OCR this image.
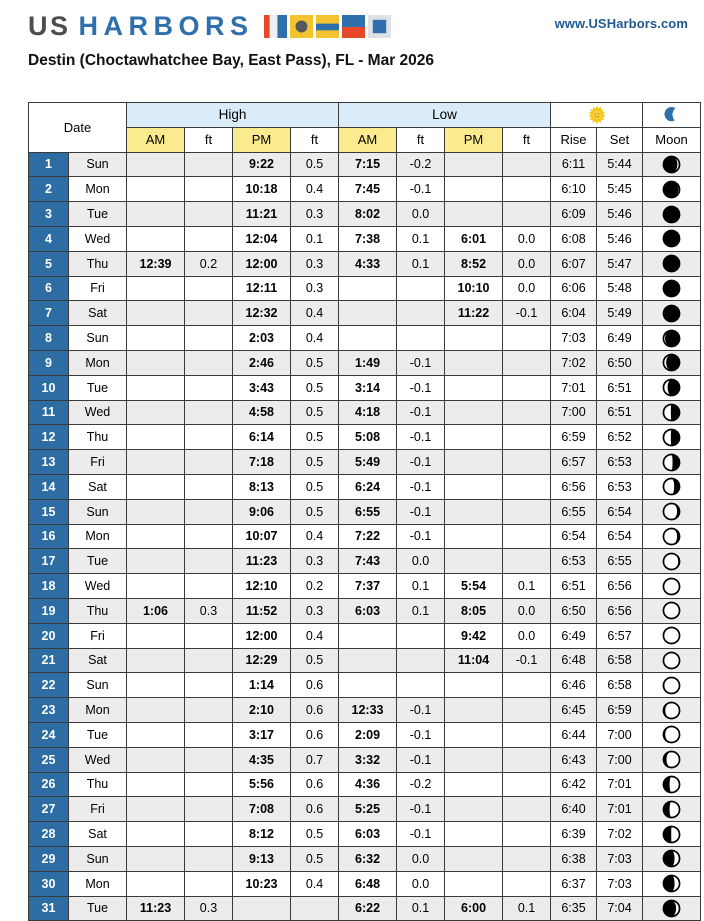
US HARBORS	www.USHarbors.com
Destin (Choctawhatchee Bay, East Pass), FL - Mar 2026
Date		High				Low		
		AM	ft	PM	ft	AM	ft	PM	ft	Rise	Set	Moon
1	Sun			9:22	0.5	7:15	-0.2			6:11	5:44	

2	Mon			10:18	0.4	7:45	-0.1			6:10	5:45	

3	Tue			11:21	0.3	8:02	0.0			6:09	5:46	

4	Wed			12:04	0.1	7:38	0.1	6:01	0.0	6:08	5:46	

5	Thu	12:39	0.2	12:00	0.3	4:33	0.1	8:52	0.0	6:07	5:47	

6	Fri			12:11	0.3			10:10	0.0	6:06	5:48	

7	Sat			12:32	0.4			11:22	-0.1	6:04	5:49	

8	Sun			2:03	0.4					7:03	6:49	

9	Mon			2:46	0.5	1:49	-0.1			7:02	6:50	

10	Tue			3:43	0.5	3:14	-0.1			7:01	6:51	

11	Wed			4:58	0.5	4:18	-0.1			7:00	6:51	

12	Thu			6:14	0.5	5:08	-0.1			6:59	6:52	

13	Fri			7:18	0.5	5:49	-0.1			6:57	6:53	

14	Sat			8:13	0.5	6:24	-0.1			6:56	6:53	

15	Sun			9:06	0.5	6:55	-0.1			6:55	6:54	

16	Mon			10:07	0.4	7:22	-0.1			6:54	6:54	

17	Tue			11:23	0.3	7:43	0.0			6:53	6:55	

18	Wed			12:10	0.2	7:37	0.1	5:54	0.1	6:51	6:56	

19	Thu	1:06	0.3	11:52	0.3	6:03	0.1	8:05	0.0	6:50	6:56	

20	Fri			12:00	0.4			9:42	0.0	6:49	6:57	

21	Sat			12:29	0.5			11:04	-0.1	6:48	6:58	

22	Sun			1:14	0.6					6:46	6:58	

23	Mon			2:10	0.6	12:33	-0.1			6:45	6:59	

24	Tue			3:17	0.6	2:09	-0.1			6:44	7:00	

25	Wed			4:35	0.7	3:32	-0.1			6:43	7:00	

26	Thu			5:56	0.6	4:36	-0.2			6:42	7:01	

27	Fri			7:08	0.6	5:25	-0.1			6:40	7:01	

28	Sat			8:12	0.5	6:03	-0.1			6:39	7:02	

29	Sun			9:13	0.5	6:32	0.0			6:38	7:03	

30	Mon			10:23	0.4	6:48	0.0			6:37	7:03	

31	Tue	11:23	0.3			6:22	0.1	6:00	0.1	6:35	7:04	
